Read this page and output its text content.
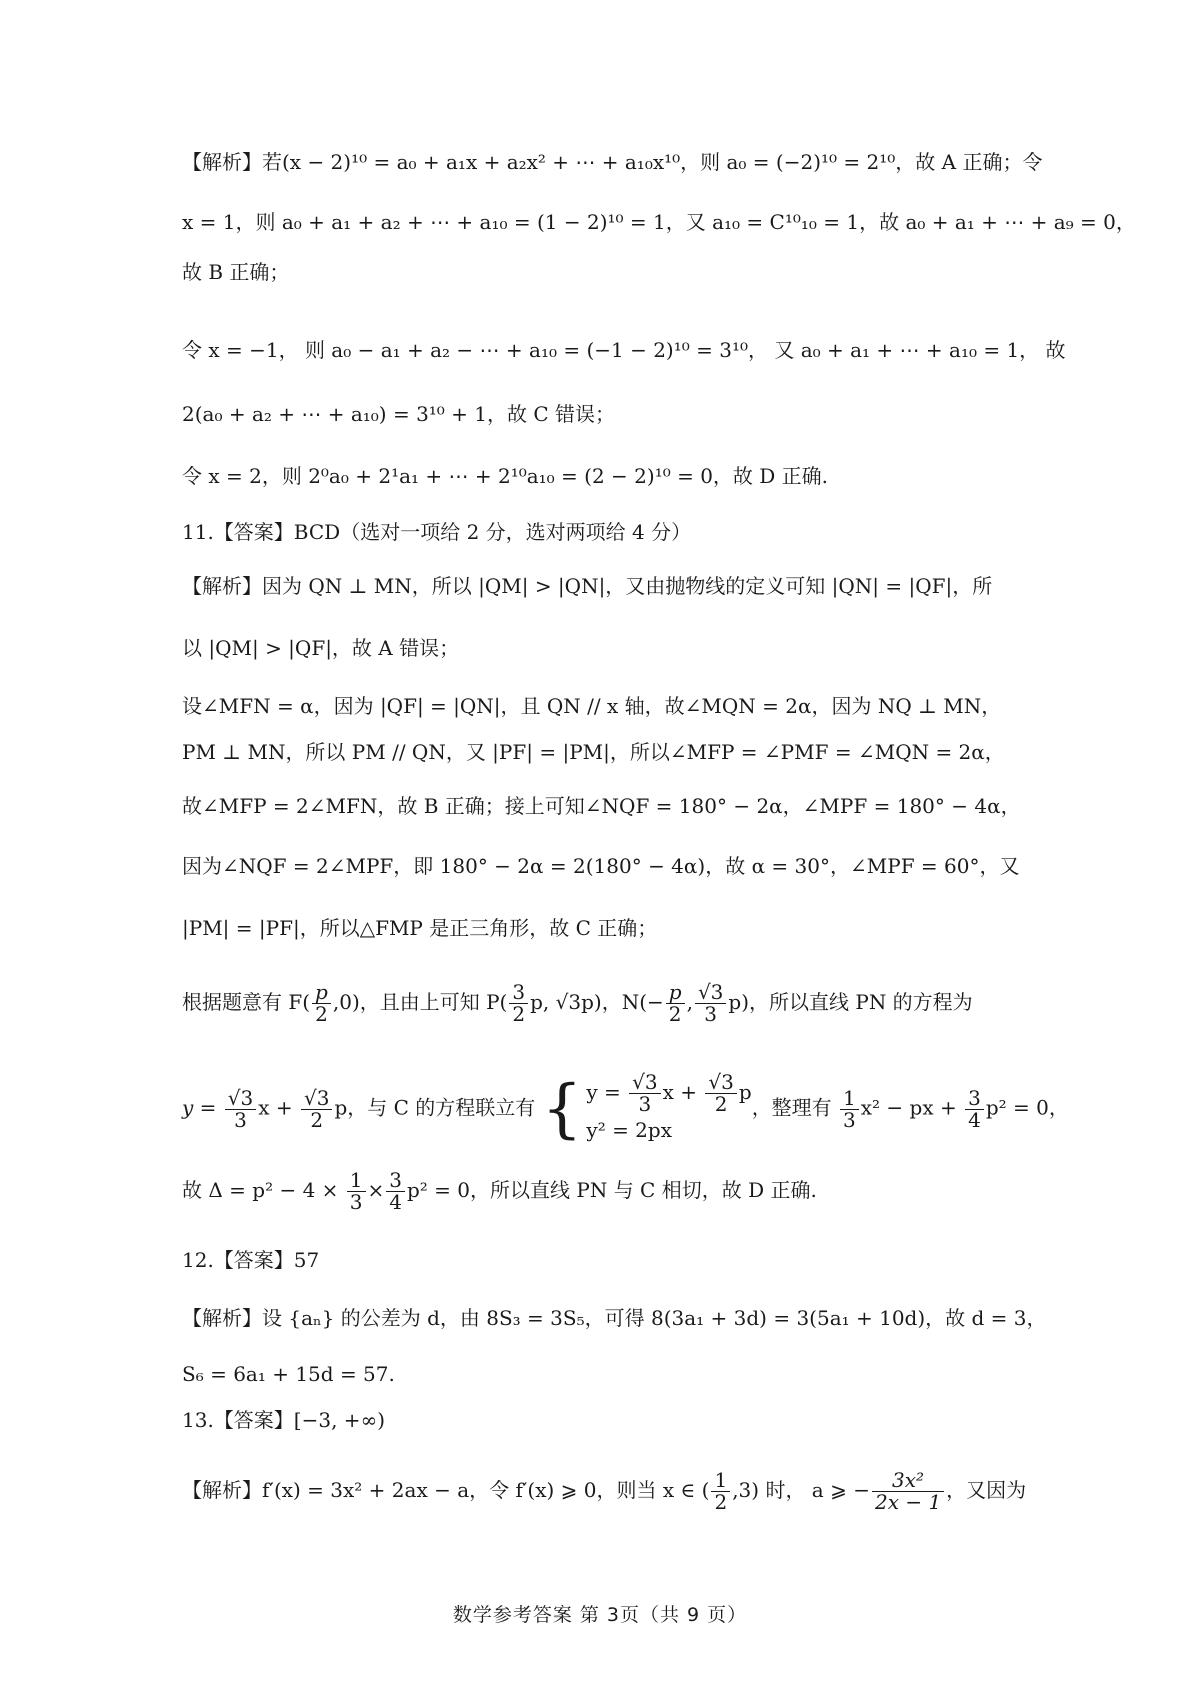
【解析】若(x − 2)¹⁰ = a₀ + a₁x + a₂x² + ⋯ + a₁₀x¹⁰，则 a₀ = (−2)¹⁰ = 2¹⁰，故 A 正确；令
x = 1，则 a₀ + a₁ + a₂ + ⋯ + a₁₀ = (1 − 2)¹⁰ = 1，又 a₁₀ = C¹⁰₁₀ = 1，故 a₀ + a₁ + ⋯ + a₉ = 0，
故 B 正确；
令 x = −1， 则 a₀ − a₁ + a₂ − ⋯ + a₁₀ = (−1 − 2)¹⁰ = 3¹⁰， 又 a₀ + a₁ + ⋯ + a₁₀ = 1， 故
2(a₀ + a₂ + ⋯ + a₁₀) = 3¹⁰ + 1，故 C 错误；
令 x = 2，则 2⁰a₀ + 2¹a₁ + ⋯ + 2¹⁰a₁₀ = (2 − 2)¹⁰ = 0，故 D 正确.
11.【答案】BCD（选对一项给 2 分，选对两项给 4 分）
【解析】因为 QN ⊥ MN，所以 |QM| > |QN|，又由抛物线的定义可知 |QN| = |QF|，所
以 |QM| > |QF|，故 A 错误；
设∠MFN = α，因为 |QF| = |QN|，且 QN // x 轴，故∠MQN = 2α，因为 NQ ⊥ MN，
PM ⊥ MN，所以 PM // QN，又 |PF| = |PM|，所以∠MFP = ∠PMF = ∠MQN = 2α，
故∠MFP = 2∠MFN，故 B 正确；接上可知∠NQF = 180° − 2α，∠MPF = 180° − 4α，
因为∠NQF = 2∠MPF，即 180° − 2α = 2(180° − 4α)，故 α = 30°，∠MPF = 60°，又
|PM| = |PF|，所以△FMP 是正三角形，故 C 正确；
根据题意有 $F( \frac{p}{2} ,0)$，且由上可知 $P( \frac{3}{2} p$, √3p)，$N(- \frac{p}{2}$ , $\frac{√3}{3} p$)，所以直线 PN 的方程为
$y = \frac{√3}{3}$ $x + \frac{√3}{2}$ p，与 C 的方程联立有 { $y = \frac{√3}{3}$ $x + \frac{√3}{2}$ p
y² = 2px
，整理有 $\frac{1}{3} x^2$ − px + $\frac{3}{4} p^2 = 0$，
故 $\Delta = p^2 - 4 \times \frac{1}{3} \times \frac{3}{4} p^2 = 0$，所以直线 PN 与 C 相切，故 D 正确.
12.【答案】57
【解析】设 {aₙ} 的公差为 d，由 8S₃ = 3S₅，可得 8(3a₁ + 3d) = 3(5a₁ + 10d)，故 d = 3，
S₆ = 6a₁ + 15d = 57.
13.【答案】[−3, +∞)
【解析】f′(x) = 3x² + 2ax − a，令 f′(x) ⩾ 0，则当 x ∈ ( $\frac{1}{2} ,3$) 时， a ⩾ − $\frac{\text{3x²}}{2x - 1}$ ，又因为
数学参考答案 第 3页（共 9 页）
